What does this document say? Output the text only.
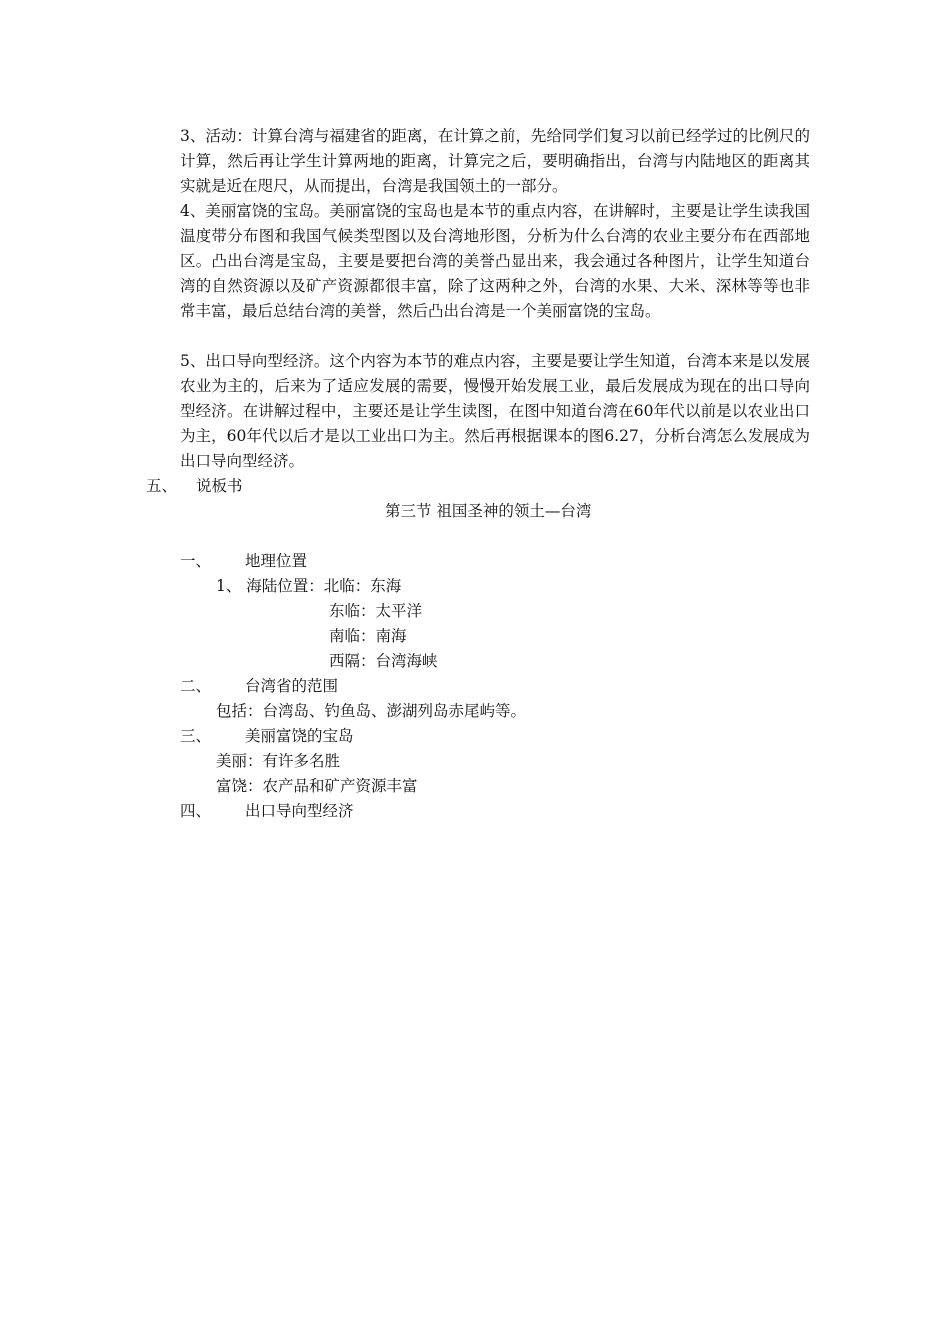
3、活动：计算台湾与福建省的距离，在计算之前，先给同学们复习以前已经学过的比例尺的计算，然后再让学生计算两地的距离，计算完之后，要明确指出，台湾与内陆地区的距离其实就是近在咫尺，从而提出，台湾是我国领土的一部分。

4、美丽富饶的宝岛。美丽富饶的宝岛也是本节的重点内容，在讲解时，主要是让学生读我国温度带分布图和我国气候类型图以及台湾地形图，分析为什么台湾的农业主要分布在西部地区。凸出台湾是宝岛，主要是要把台湾的美誉凸显出来，我会通过各种图片，让学生知道台湾的自然资源以及矿产资源都很丰富，除了这两种之外，台湾的水果、大米、深林等等也非常丰富，最后总结台湾的美誉，然后凸出台湾是一个美丽富饶的宝岛。

5、出口导向型经济。这个内容为本节的难点内容，主要是要让学生知道，台湾本来是以发展农业为主的，后来为了适应发展的需要，慢慢开始发展工业，最后发展成为现在的出口导向型经济。在讲解过程中，主要还是让学生读图，在图中知道台湾在60年代以前是以农业出口为主，60年代以后才是以工业出口为主。然后再根据课本的图6.27，分析台湾怎么发展成为出口导向型经济。

五、 说板书
第三节 祖国圣神的领土—台湾
一、 地理位置
1、 海陆位置：北临：东海
东临：太平洋
南临：南海
西隔：台湾海峡
二、 台湾省的范围
包括：台湾岛、钓鱼岛、澎湖列岛赤尾屿等。
三、 美丽富饶的宝岛
美丽：有许多名胜
富饶：农产品和矿产资源丰富
四、 出口导向型经济
